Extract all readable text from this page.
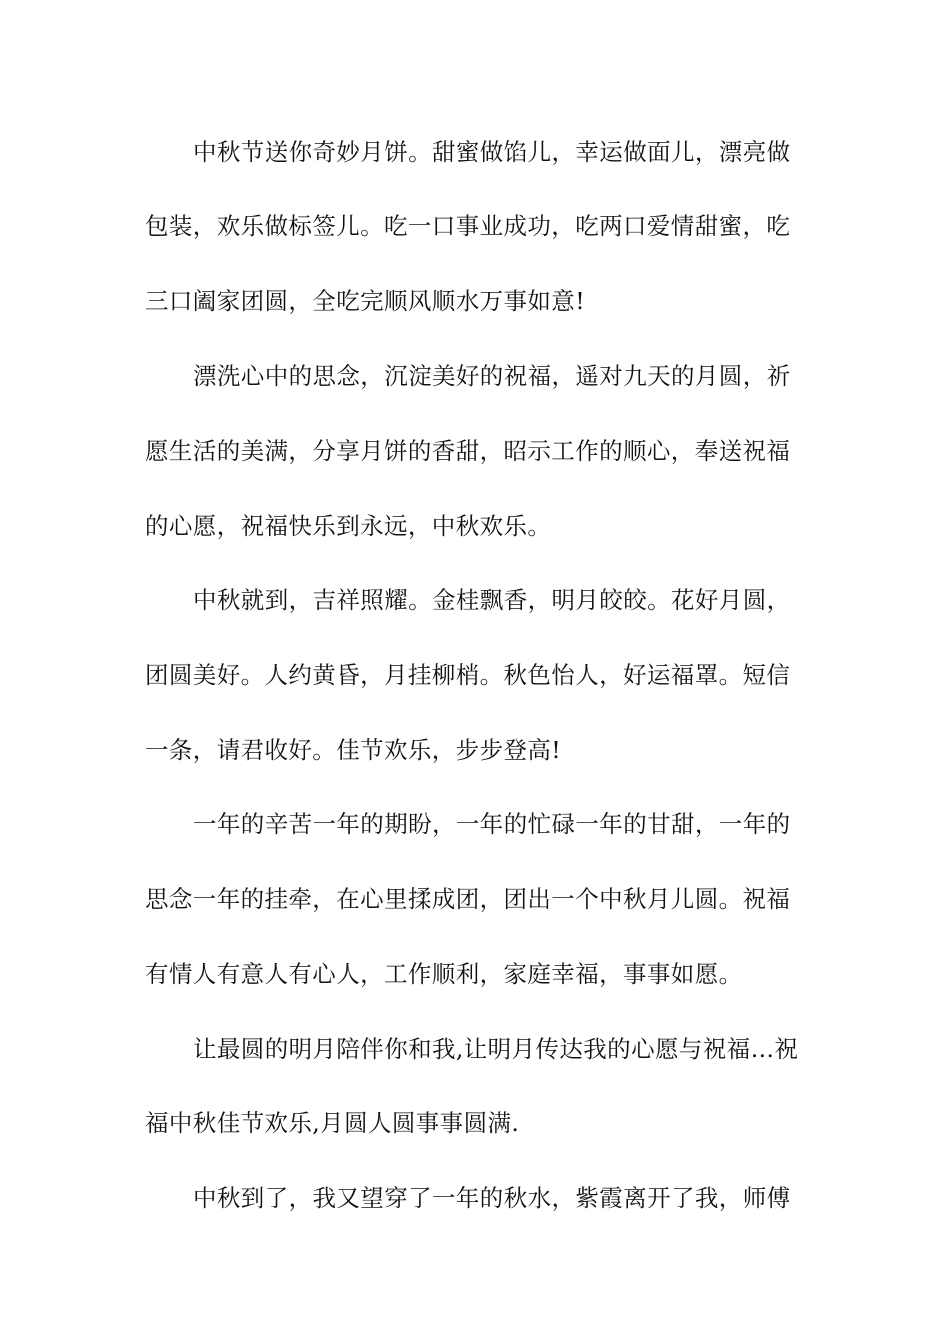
中秋节送你奇妙月饼。甜蜜做馅儿，幸运做面儿，漂亮做
包装，欢乐做标签儿。吃一口事业成功，吃两口爱情甜蜜，吃
三口阖家团圆，全吃完顺风顺水万事如意!
漂洗心中的思念，沉淀美好的祝福，遥对九天的月圆，祈
愿生活的美满，分享月饼的香甜，昭示工作的顺心，奉送祝福
的心愿，祝福快乐到永远，中秋欢乐。
中秋就到，吉祥照耀。金桂飘香，明月皎皎。花好月圆，
团圆美好。人约黄昏，月挂柳梢。秋色怡人，好运福罩。短信
一条，请君收好。佳节欢乐，步步登高!
一年的辛苦一年的期盼，一年的忙碌一年的甘甜，一年的
思念一年的挂牵，在心里揉成团，团出一个中秋月儿圆。祝福
有情人有意人有心人，工作顺利，家庭幸福，事事如愿。
让最圆的明月陪伴你和我,让明月传达我的心愿与祝福…祝
福中秋佳节欢乐,月圆人圆事事圆满.
中秋到了，我又望穿了一年的秋水，紫霞离开了我，师傅
